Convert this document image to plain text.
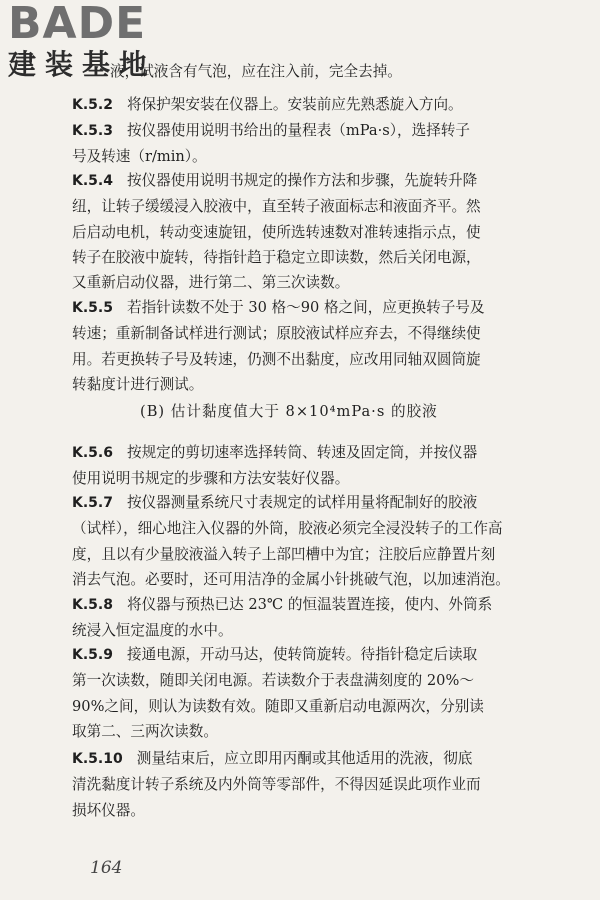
BADE
建装基地
液，试液含有气泡，应在注入前，完全去掉。
(B) 估计黏度值大于 8×10⁴mPa·s 的胶液
164
K.5.2 将保护架安装在仪器上。安装前应先熟悉旋入方向。
K.5.3 按仪器使用说明书给出的量程表（mPa·s），选择转子
号及转速（r/min）。
K.5.4 按仪器使用说明书规定的操作方法和步骤，先旋转升降
纽，让转子缓缓浸入胶液中，直至转子液面标志和液面齐平。然
后启动电机，转动变速旋钮，使所选转速数对准转速指示点，使
转子在胶液中旋转，待指针趋于稳定立即读数，然后关闭电源，
又重新启动仪器，进行第二、第三次读数。
K.5.5 若指针读数不处于 30 格～90 格之间，应更换转子号及
转速；重新制备试样进行测试；原胶液试样应弃去，不得继续使
用。若更换转子号及转速，仍测不出黏度，应改用同轴双圆筒旋
转黏度计进行测试。
K.5.6 按规定的剪切速率选择转筒、转速及固定筒，并按仪器
使用说明书规定的步骤和方法安装好仪器。
K.5.7 按仪器测量系统尺寸表规定的试样用量将配制好的胶液
（试样），细心地注入仪器的外筒，胶液必须完全浸没转子的工作高
度，且以有少量胶液溢入转子上部凹槽中为宜；注胶后应静置片刻
消去气泡。必要时，还可用洁净的金属小针挑破气泡，以加速消泡。
K.5.8 将仪器与预热已达 23℃ 的恒温装置连接，使内、外筒系
统浸入恒定温度的水中。
K.5.9 接通电源，开动马达，使转筒旋转。待指针稳定后读取
第一次读数，随即关闭电源。若读数介于表盘满刻度的 20%～
90%之间，则认为读数有效。随即又重新启动电源两次，分别读
取第二、三两次读数。
K.5.10 测量结束后，应立即用丙酮或其他适用的洗液，彻底
清洗黏度计转子系统及内外筒等零部件，不得因延误此项作业而
损坏仪器。
